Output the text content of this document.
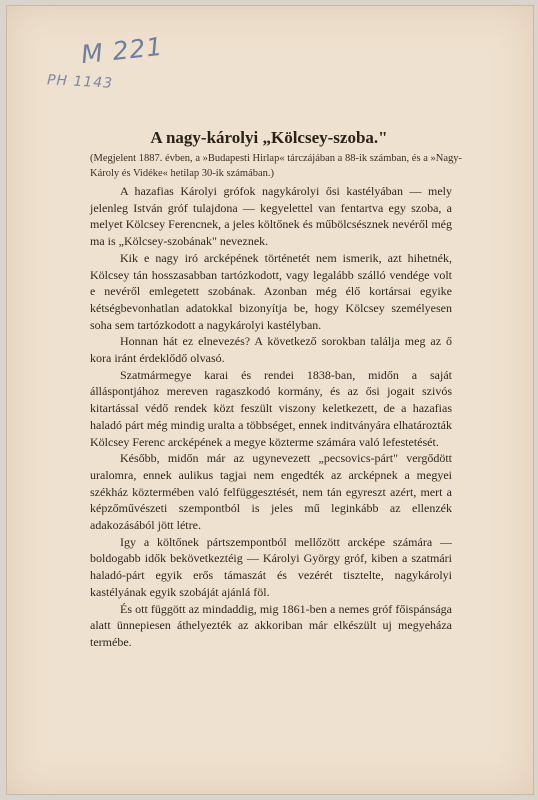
M 221
PH 1143
A nagy-károlyi „Kölcsey-szoba."
(Megjelent 1887. évben, a »Budapesti Hirlap« tárczájában a 88-ik számban, és a »Nagy-Károly és Vidéke« hetilap 30-ik számában.)

A hazafias Károlyi grófok nagykárolyi ősi kastélyában — mely jelenleg István gróf tulajdona — kegyelettel van fentartva egy szoba, a melyet Kölcsey Ferencnek, a jeles költőnek és műbölcsésznek nevéről még ma is „Kölcsey-szobának" neveznek.

Kik e nagy iró arcképének történetét nem ismerik, azt hihetnék, Kölcsey tán hosszasabban tartózkodott, vagy legalább szálló vendége volt e nevéről emlegetett szobának. Azonban még élő kortársai egyike kétségbevonhatlan adatokkal bizonyítja be, hogy Kölcsey személyesen soha sem tartózkodott a nagykárolyi kastélyban.

Honnan hát ez elnevezés? A következő sorokban találja meg az ő kora iránt érdeklődő olvasó.

Szatmármegye karai és rendei 1838-ban, midőn a saját álláspontjához mereven ragaszkodó kormány, és az ősi jogait szivós kitartással védő rendek közt feszült viszony keletkezett, de a hazafias haladó párt még mindig uralta a többséget, ennek inditványára elhatározták Kölcsey Ferenc arcképének a megye közterme számára való lefestetését.

Később, midőn már az ugynevezett „pecsovics-párt" vergődött uralomra, ennek aulikus tagjai nem engedték az arcképnek a megyei székház köztermében való felfüggesztését, nem tán egyreszt azért, mert a képzőművészeti szempontból is jeles mű leginkább az ellenzék adakozásából jött létre.

Igy a költőnek pártszempontból mellőzött arcképe számára — boldogabb idők bekövetkeztéig — Károlyi György gróf, kiben a szatmári haladó-párt egyik erős támaszát és vezérét tisztelte, nagykárolyi kastélyának egyik szobáját ajánlá föl.

És ott függött az mindaddig, mig 1861-ben a nemes gróf főispánsága alatt ünnepiesen áthelyezték az akkoriban már elkészült uj megyeháza termébe.
